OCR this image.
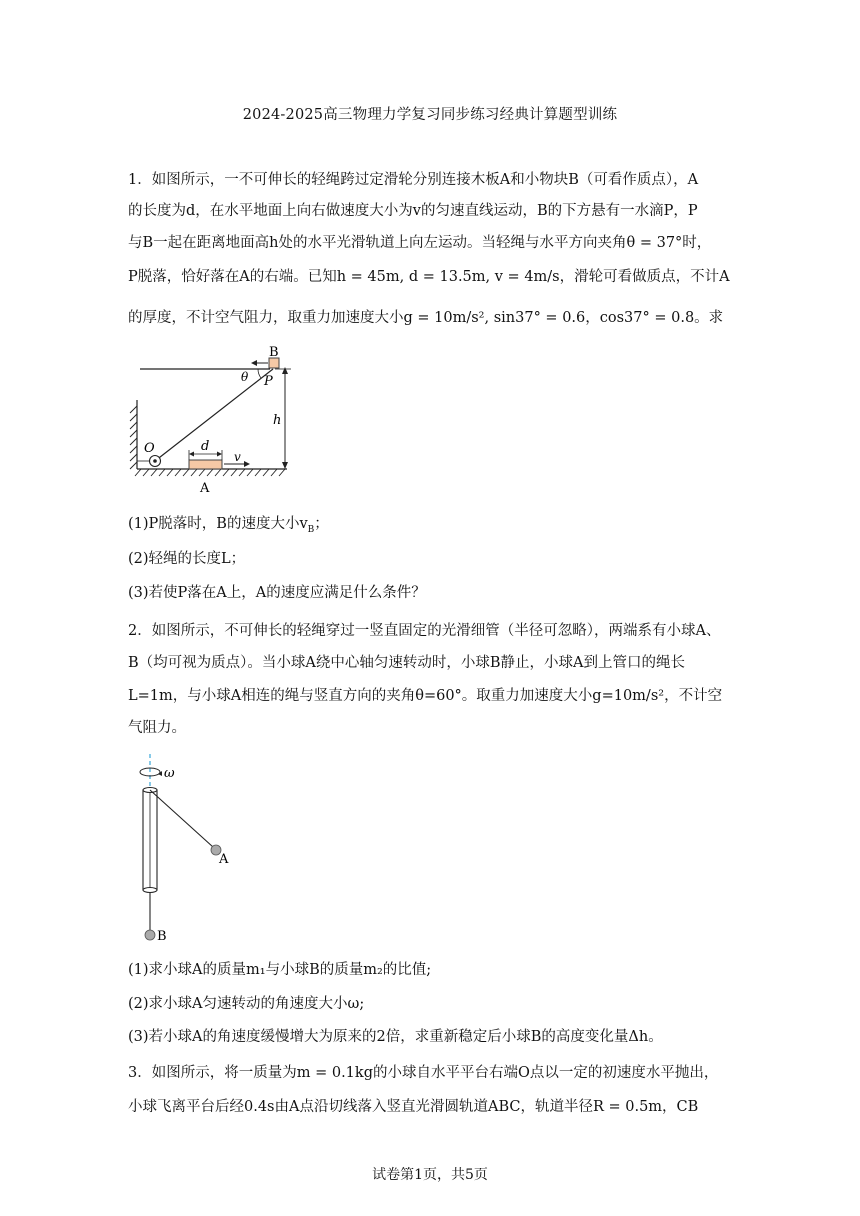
2024-2025高三物理力学复习同步练习经典计算题型训练
1．如图所示，一不可伸长的轻绳跨过定滑轮分别连接木板A和小物块B（可看作质点），A
的长度为d，在水平地面上向右做速度大小为v的匀速直线运动，B的下方悬有一水滴P，P
与B一起在距离地面高h处的水平光滑轨道上向左运动。当轻绳与水平方向夹角θ = 37°时，
P脱落，恰好落在A的右端。已知h = 45m, d = 13.5m, v = 4m/s，滑轮可看做质点，不计A
的厚度，不计空气阻力，取重力加速度大小g = 10m/s², sin37° = 0.6，cos37° = 0.8。求
B
P
θ
h
O	d
v
A
(1)P脱落时，B的速度大小$v_B$；
(2)轻绳的长度L；
(3)若使P落在A上，A的速度应满足什么条件？
2．如图所示，不可伸长的轻绳穿过一竖直固定的光滑细管（半径可忽略），两端系有小球A、
B（均可视为质点）。当小球A绕中心轴匀速转动时，小球B静止，小球A到上管口的绳长
L=1m，与小球A相连的绳与竖直方向的夹角θ=60°。取重力加速度大小g=10m/s²，不计空
气阻力。
ω
A
B
(1)求小球A的质量m₁与小球B的质量m₂的比值;
(2)求小球A匀速转动的角速度大小ω;
(3)若小球A的角速度缓慢增大为原来的2倍，求重新稳定后小球B的高度变化量Δh。
3．如图所示，将一质量为m = 0.1kg的小球自水平平台右端O点以一定的初速度水平抛出，
小球飞离平台后经0.4s由A点沿切线落入竖直光滑圆轨道ABC，轨道半径R = 0.5m，CB
试卷第1页，共5页
